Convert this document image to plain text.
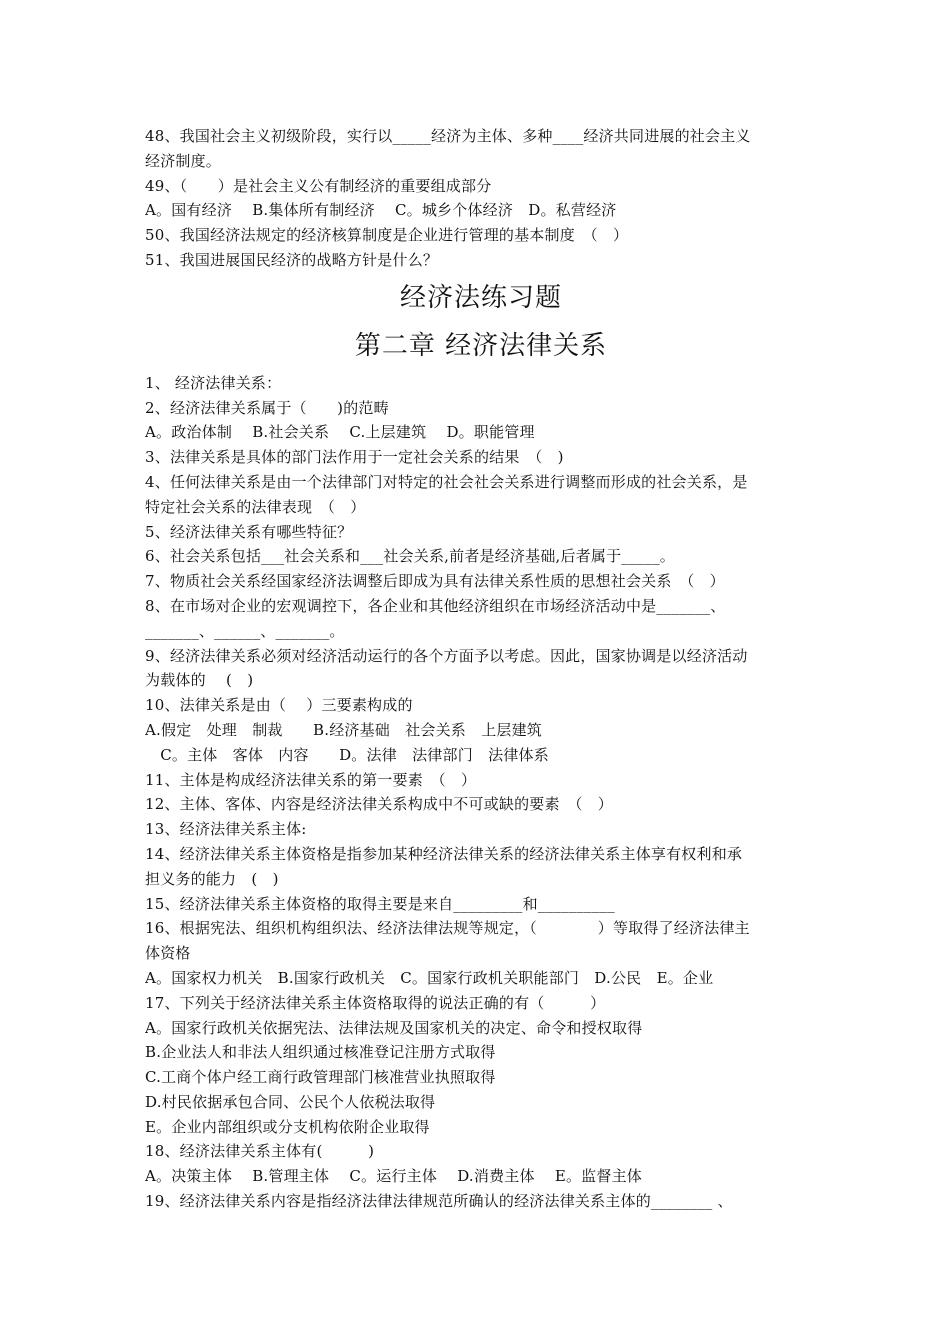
48、我国社会主义初级阶段，实行以_____经济为主体、多种____经济共同进展的社会主义
经济制度。
49、（　　）是社会主义公有制经济的重要组成部分
A。国有经济　 B.集体所有制经济　 C。城乡个体经济　D。私营经济
50、我国经济法规定的经济核算制度是企业进行管理的基本制度　（　）
51、我国进展国民经济的战略方针是什么？
经济法练习题
第二章 经济法律关系
1、 经济法律关系：
2、经济法律关系属于（　　)的范畴
A。政治体制　 B.社会关系　 C.上层建筑　 D。职能管理
3、法律关系是具体的部门法作用于一定社会关系的结果　（　)
4、任何法律关系是由一个法律部门对特定的社会社会关系进行调整而形成的社会关系，是
特定社会关系的法律表现　（　）
5、经济法律关系有哪些特征？
6、社会关系包括___社会关系和___社会关系,前者是经济基础,后者属于_____。
7、物质社会关系经国家经济法调整后即成为具有法律关系性质的思想社会关系　（　）
8、在市场对企业的宏观调控下，各企业和其他经济组织在市场经济活动中是_______、
_______、______、_______。
9、经济法律关系必须对经济活动运行的各个方面予以考虑。因此，国家协调是以经济活动
为载体的　 (　)
10、法律关系是由（　 ）三要素构成的
A.假定　处理　制裁　　B.经济基础　社会关系　上层建筑
　C。主体　客体　内容　　D。法律　法律部门　法律体系
11、主体是构成经济法律关系的第一要素　（　）
12、主体、客体、内容是经济法律关系构成中不可或缺的要素　（　）
13、经济法律关系主体:
14、经济法律关系主体资格是指参加某种经济法律关系的经济法律关系主体享有权利和承
担义务的能力　(　)
15、经济法律关系主体资格的取得主要是来自_________和__________
16、根据宪法、组织机构组织法、经济法律法规等规定，（　　　　）等取得了经济法律主
体资格
A。国家权力机关　B.国家行政机关　C。国家行政机关职能部门　D.公民　E。企业
17、下列关于经济法律关系主体资格取得的说法正确的有（　　　）
A。国家行政机关依据宪法、法律法规及国家机关的决定、命令和授权取得
B.企业法人和非法人组织通过核准登记注册方式取得
C.工商个体户经工商行政管理部门核准营业执照取得
D.村民依据承包合同、公民个人依税法取得
E。企业内部组织或分支机构依附企业取得
18、经济法律关系主体有(　　　)
A。决策主体　 B.管理主体　 C。运行主体　 D.消费主体　 E。监督主体
19、经济法律关系内容是指经济法律法律规范所确认的经济法律关系主体的________ 、
